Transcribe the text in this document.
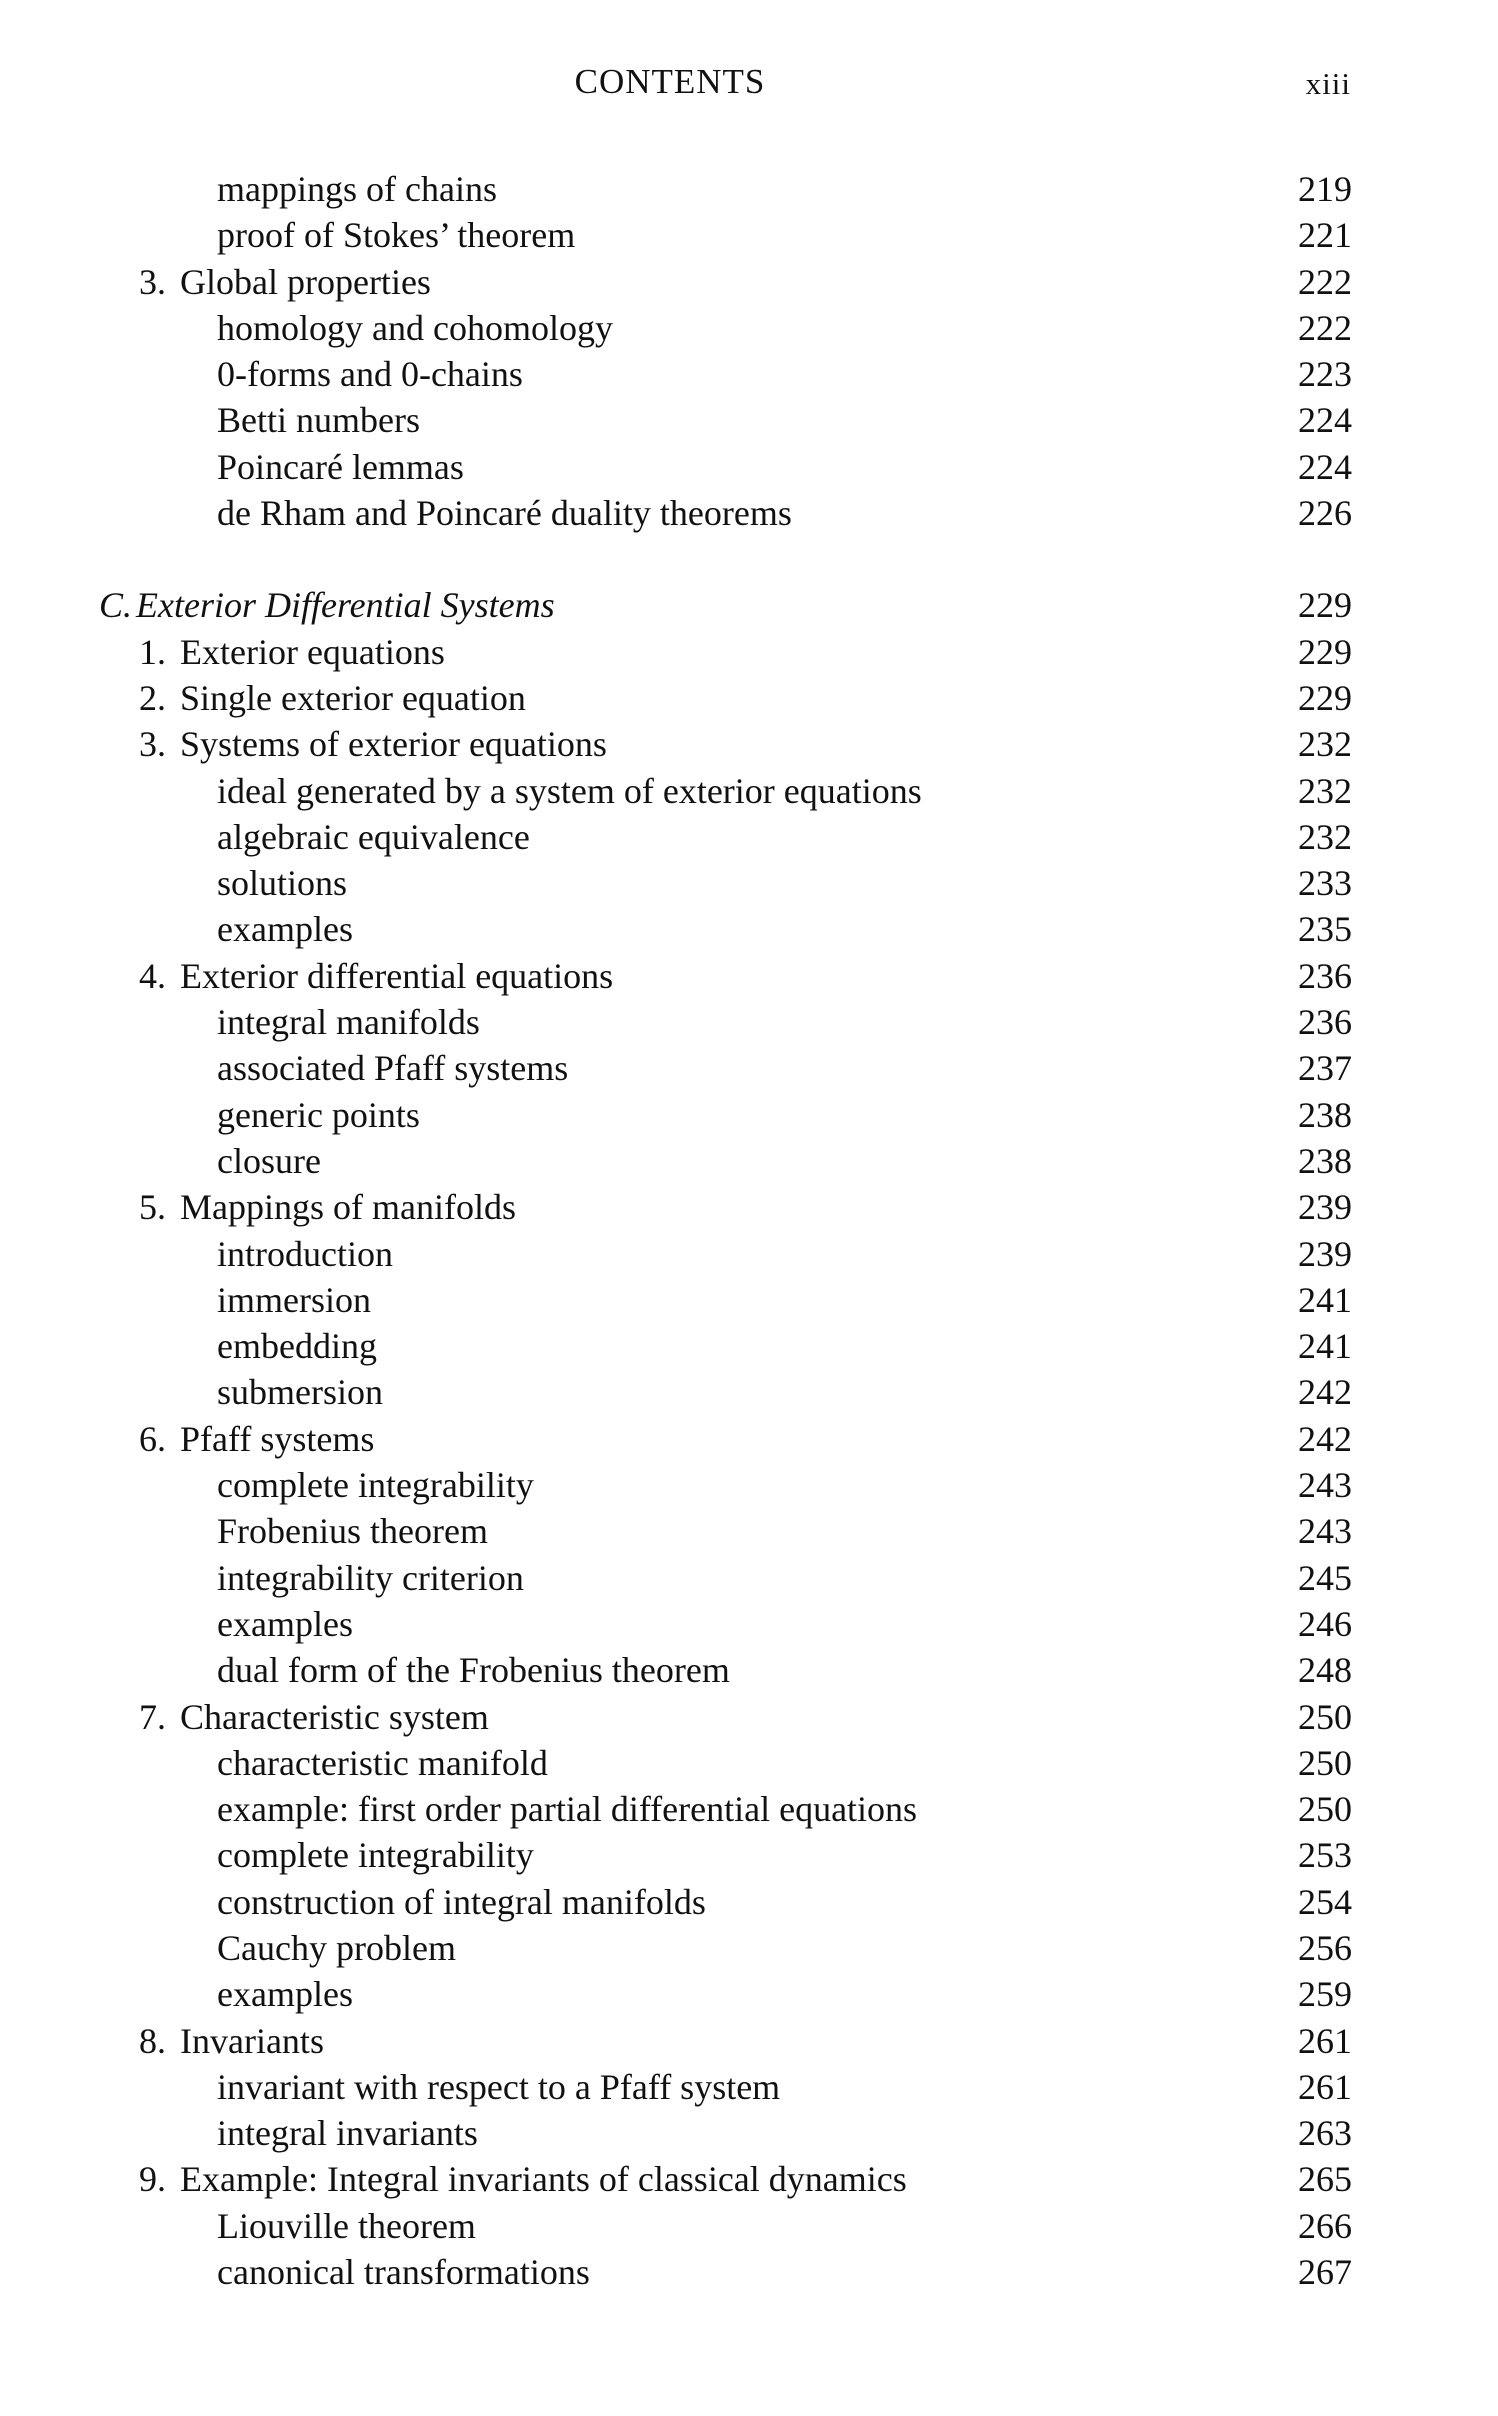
CONTENTS	xiii
mappings of chains	219
proof of Stokes’ theorem	221
3. Global properties	222
homology and cohomology	222
0-forms and 0-chains	223
Betti numbers	224
Poincaré lemmas	224
de Rham and Poincaré duality theorems	226
C. Exterior Differential Systems	229
1. Exterior equations	229
2. Single exterior equation	229
3. Systems of exterior equations	232
ideal generated by a system of exterior equations	232
algebraic equivalence	232
solutions	233
examples	235
4. Exterior differential equations	236
integral manifolds	236
associated Pfaff systems	237
generic points	238
closure	238
5. Mappings of manifolds	239
introduction	239
immersion	241
embedding	241
submersion	242
6. Pfaff systems	242
complete integrability	243
Frobenius theorem	243
integrability criterion	245
examples	246
dual form of the Frobenius theorem	248
7. Characteristic system	250
characteristic manifold	250
example: first order partial differential equations	250
complete integrability	253
construction of integral manifolds	254
Cauchy problem	256
examples	259
8. Invariants	261
invariant with respect to a Pfaff system	261
integral invariants	263
9. Example: Integral invariants of classical dynamics	265
Liouville theorem	266
canonical transformations	267
